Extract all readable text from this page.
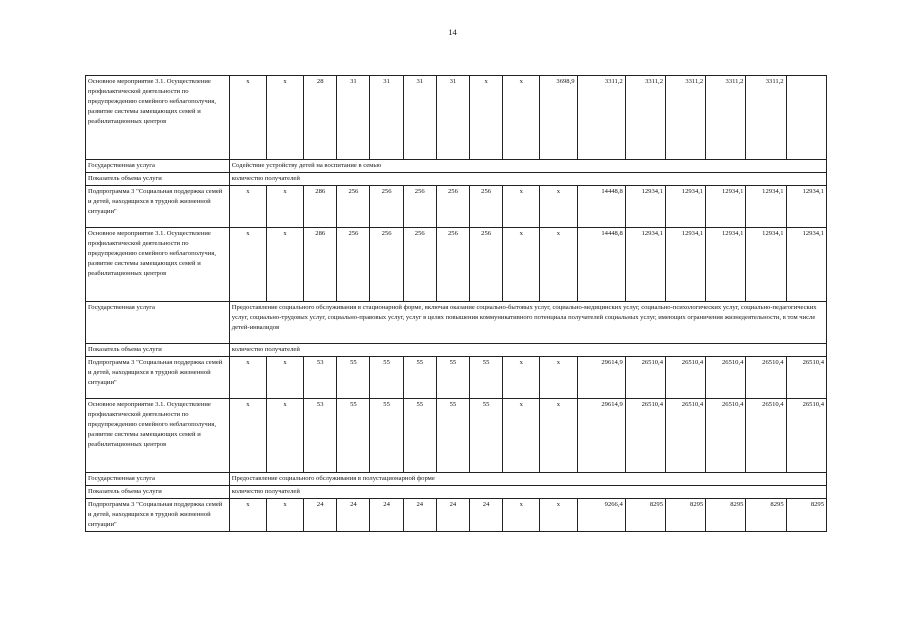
14
Основное мероприятие 3.1. Осуществление профилактической деятельности по предупреждению семейного неблагополучия, развитие системы замещающих семей и реабилитационных центров	x	x	28	31	31	31	31	x	x	3698,9	3311,2	3311,2	3311,2	3311,2	3311,2	
Государственная услуга	Содействие устройству детей на воспитание в семью															
Показатель объема услуги	количество получателей															
Подпрограмма 3 "Социальная поддержка семей и детей, находящихся в трудной жизненной ситуации"	x	x	286	256	256	256	256	256	x	x	14448,8	12934,1	12934,1	12934,1	12934,1	12934,1
Основное мероприятие 3.1. Осуществление профилактической деятельности по предупреждению семейного неблагополучия, развитие системы замещающих семей и реабилитационных центров	x	x	286	256	256	256	256	256	x	x	14448,8	12934,1	12934,1	12934,1	12934,1	12934,1
Государственная услуга	Предоставление социального обслуживания в стационарной форме, включая оказание социально-бытовых услуг, социально-медицинских услуг, социально-психологических услуг, социально-педагогических услуг, социально-трудовых услуг, социально-правовых услуг, услуг в целях повышения коммуникативного потенциала получателей социальных услуг, имеющих ограничения жизнедеятельности, в том числе детей-инвалидов															
Показатель объема услуги	количество получателей															
Подпрограмма 3 "Социальная поддержка семей и детей, находящихся в трудной жизненной ситуации"	x	x	53	55	55	55	55	55	x	x	29614,9	26510,4	26510,4	26510,4	26510,4	26510,4
Основное мероприятие 3.1. Осуществление профилактической деятельности по предупреждению семейного неблагополучия, развитие системы замещающих семей и реабилитационных центров	x	x	53	55	55	55	55	55	x	x	29614,9	26510,4	26510,4	26510,4	26510,4	26510,4
Государственная услуга	Предоставление социального обслуживания в полустационарной форме															
Показатель объема услуги	количество получателей															
Подпрограмма 3 "Социальная поддержка семей и детей, находящихся в трудной жизненной ситуации"	x	x	24	24	24	24	24	24	x	x	9266,4	8295	8295	8295	8295	8295
